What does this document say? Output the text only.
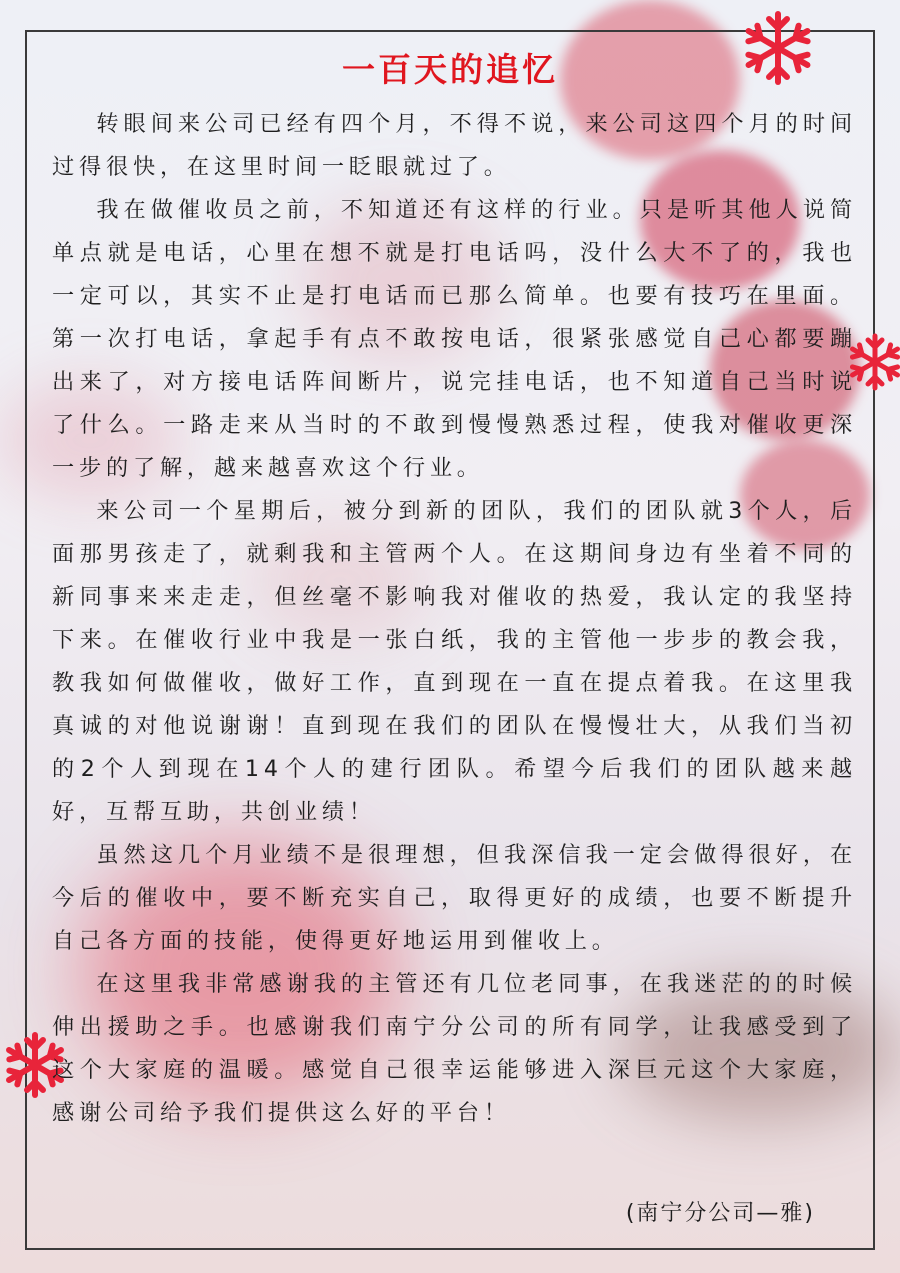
一百天的追忆

转眼间来公司已经有四个月，不得不说，来公司这四个月的时间过得很快，在这里时间一眨眼就过了。

我在做催收员之前，不知道还有这样的行业。只是听其他人说简单点就是电话，心里在想不就是打电话吗，没什么大不了的，我也一定可以，其实不止是打电话而已那么简单。也要有技巧在里面。第一次打电话，拿起手有点不敢按电话，很紧张感觉自己心都要蹦出来了，对方接电话阵间断片，说完挂电话，也不知道自己当时说了什么。一路走来从当时的不敢到慢慢熟悉过程，使我对催收更深一步的了解，越来越喜欢这个行业。

来公司一个星期后，被分到新的团队，我们的团队就3个人，后面那男孩走了，就剩我和主管两个人。在这期间身边有坐着不同的新同事来来走走，但丝毫不影响我对催收的热爱，我认定的我坚持下来。在催收行业中我是一张白纸，我的主管他一步步的教会我，教我如何做催收，做好工作，直到现在一直在提点着我。在这里我真诚的对他说谢谢！直到现在我们的团队在慢慢壮大，从我们当初的2个人到现在14个人的建行团队。希望今后我们的团队越来越好，互帮互助，共创业绩！

虽然这几个月业绩不是很理想，但我深信我一定会做得很好，在今后的催收中，要不断充实自己，取得更好的成绩，也要不断提升自己各方面的技能，使得更好地运用到催收上。

在这里我非常感谢我的主管还有几位老同事，在我迷茫的的时候伸出援助之手。也感谢我们南宁分公司的所有同学，让我感受到了这个大家庭的温暖。感觉自己很幸运能够进入深巨元这个大家庭，感谢公司给予我们提供这么好的平台！

(南宁分公司—雅)
